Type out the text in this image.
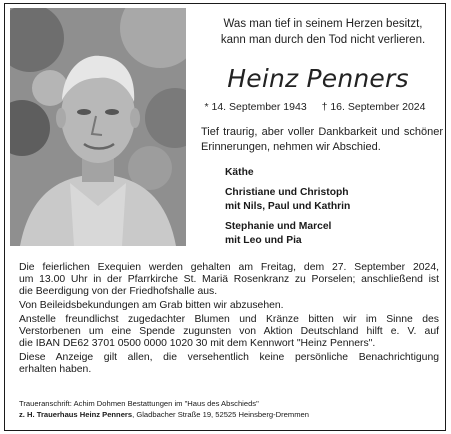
Was man tief in seinem Herzen besitzt,
kann man durch den Tod nicht verlieren.
Heinz Penners
* 14. September 1943 † 16. September 2024
Tief traurig, aber voller Dankbarkeit und schöner
Erinnerungen, nehmen wir Abschied.
Käthe
Christiane und Christoph
mit Nils, Paul und Kathrin
Stephanie und Marcel
mit Leo und Pia
Die feierlichen Exequien werden gehalten am Freitag, dem 27. September 2024,
um 13.00 Uhr in der Pfarrkirche St. Mariä Rosenkranz zu Porselen; anschließend ist
die Beerdigung von der Friedhofshalle aus.
Von Beileidsbekundungen am Grab bitten wir abzusehen.
Anstelle freundlichst zugedachter Blumen und Kränze bitten wir im Sinne des
Verstorbenen um eine Spende zugunsten von Aktion Deutschland hilft e. V. auf
die IBAN DE62 3701 0500 0000 1020 30 mit dem Kennwort "Heinz Penners".
Diese Anzeige gilt allen, die versehentlich keine persönliche Benachrichtigung
erhalten haben.
Traueranschrift: Achim Dohmen Bestattungen im "Haus des Abschieds"
z. H. Trauerhaus Heinz Penners, Gladbacher Straße 19, 52525 Heinsberg-Dremmen
